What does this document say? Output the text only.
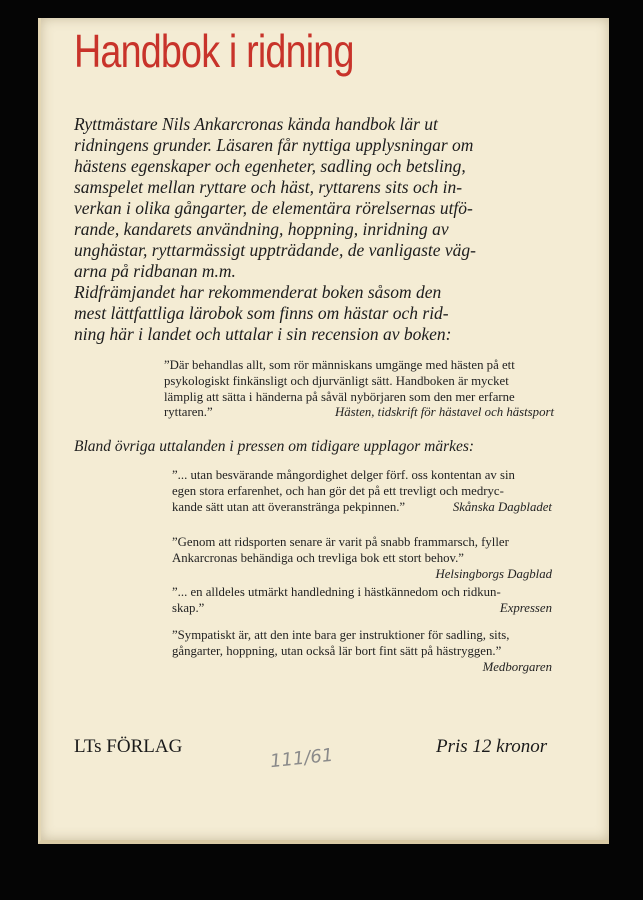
Handbok i ridning
Ryttmästare Nils Ankarcronas kända handbok lär ut
ridningens grunder. Läsaren får nyttiga upplysningar om
hästens egenskaper och egenheter, sadling och betsling,
samspelet mellan ryttare och häst, ryttarens sits och in-
verkan i olika gångarter, de elementära rörelsernas utfö-
rande, kandarets användning, hoppning, inridning av
unghästar, ryttarmässigt uppträdande, de vanligaste väg-
arna på ridbanan m.m.
Ridfrämjandet har rekommenderat boken såsom den
mest lättfattliga lärobok som finns om hästar och rid-
ning här i landet och uttalar i sin recension av boken:
”Där behandlas allt, som rör människans umgänge med hästen på ett
psykologiskt finkänsligt och djurvänligt sätt. Handboken är mycket
lämplig att sätta i händerna på såväl nybörjaren som den mer erfarne
ryttaren.”	Hästen, tidskrift för hästavel och hästsport
Bland övriga uttalanden i pressen om tidigare upplagor märkes:
”... utan besvärande mångordighet delger förf. oss kontentan av sin
egen stora erfarenhet, och han gör det på ett trevligt och medryc-
kande sätt utan att överanstränga pekpinnen.”	Skånska Dagbladet
”Genom att ridsporten senare är varit på snabb frammarsch, fyller
Ankarcronas behändiga och trevliga bok ett stort behov.”
Helsingborgs Dagblad
”... en alldeles utmärkt handledning i hästkännedom och ridkun-
skap.”	Expressen
”Sympatiskt är, att den inte bara ger instruktioner för sadling, sits,
gångarter, hoppning, utan också lär bort fint sätt på hästryggen.”
Medborgaren
LTs FÖRLAG	111/61	Pris 12 kronor
